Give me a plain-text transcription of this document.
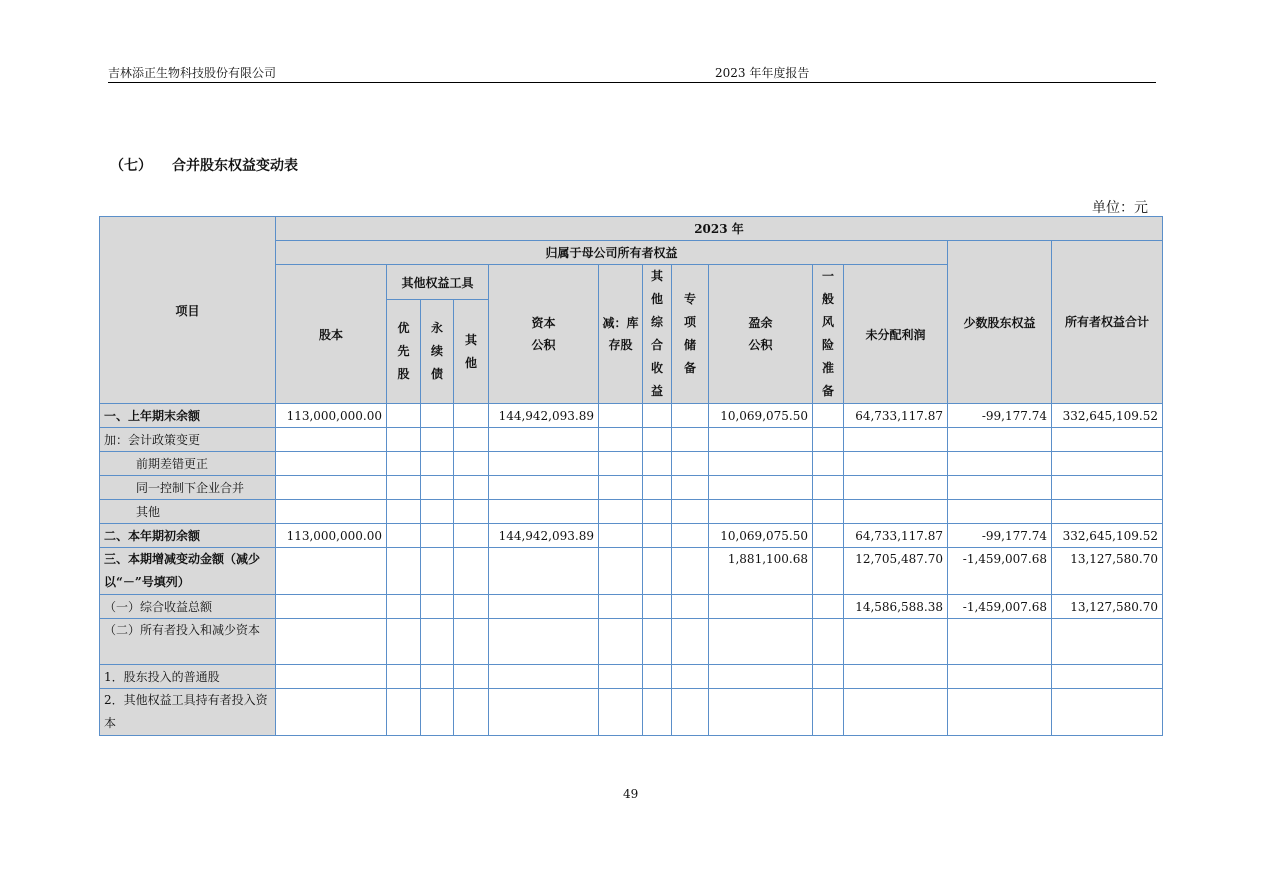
吉林添正生物科技股份有限公司	2023 年年度报告
（七） 合并股东权益变动表
单位：元
项目	2023 年												
	归属于母公司所有者权益											少数股东权益	所有者权益合计
	股本	其他权益工具			资本公积	减：库存股	其他综合收益	专项储备	盈余公积	一般风险准备	未分配利润		
		优先股	永续债	其他									
一、上年期末余额	113,000,000.00				144,942,093.89				10,069,075.50		64,733,117.87	-99,177.74	332,645,109.52
加：会计政策变更													
前期差错更正													
同一控制下企业合并													
其他													
二、本年期初余额	113,000,000.00				144,942,093.89				10,069,075.50		64,733,117.87	-99,177.74	332,645,109.52
三、本期增减变动金额（减少以“－”号填列）									1,881,100.68		12,705,487.70	-1,459,007.68	13,127,580.70
（一）综合收益总额											14,586,588.38	-1,459,007.68	13,127,580.70
（二）所有者投入和减少资本													
1．股东投入的普通股													
2．其他权益工具持有者投入资本													
49
